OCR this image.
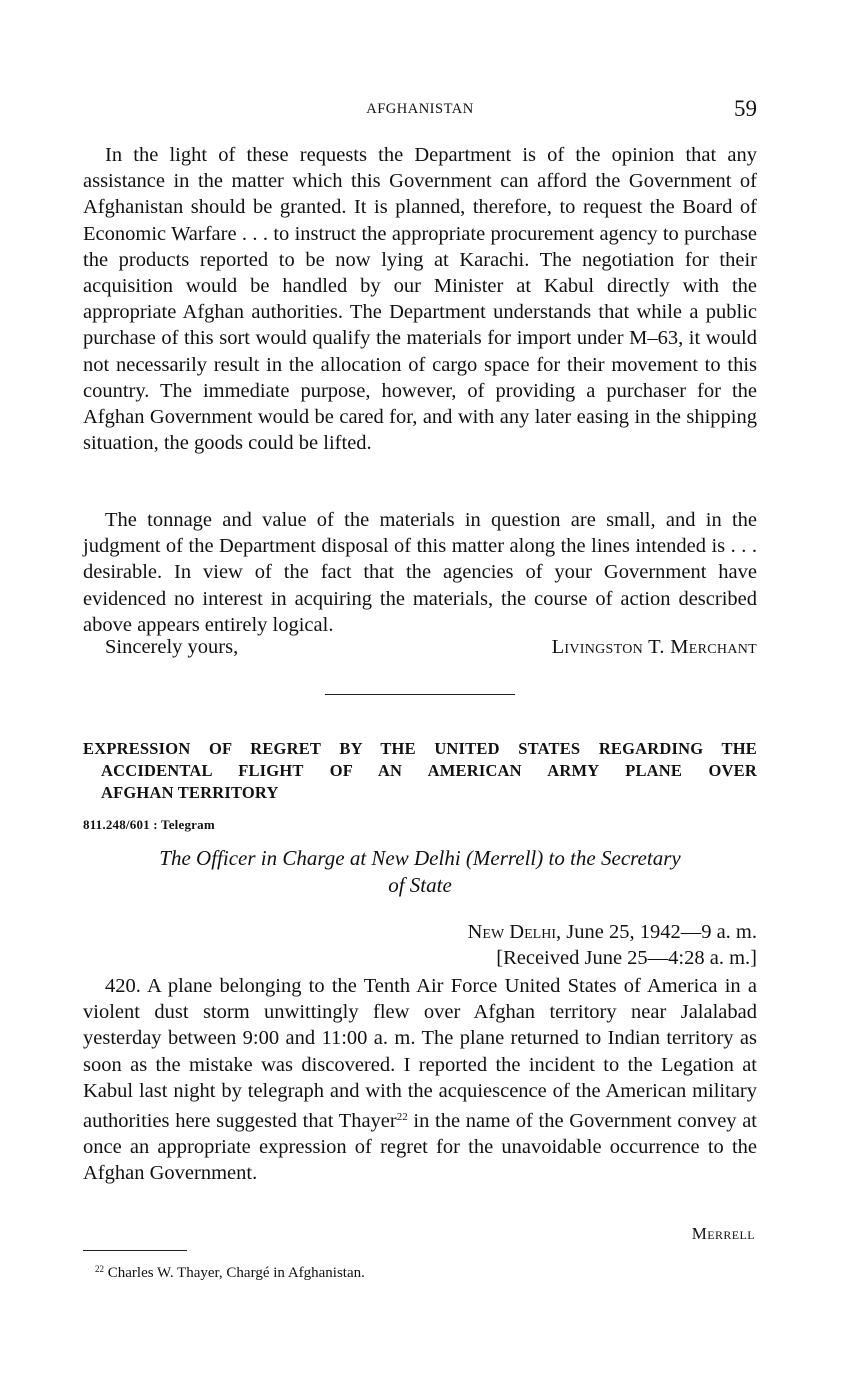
AFGHANISTAN	59

In the light of these requests the Department is of the opinion that any assistance in the matter which this Government can afford the Government of Afghanistan should be granted. It is planned, therefore, to request the Board of Economic Warfare . . . to instruct the appropriate procurement agency to purchase the products reported to be now lying at Karachi. The negotiation for their acquisition would be handled by our Minister at Kabul directly with the appropriate Afghan authorities. The Department understands that while a public purchase of this sort would qualify the materials for import under M–63, it would not necessarily result in the allocation of cargo space for their movement to this country. The immediate purpose, however, of providing a purchaser for the Afghan Government would be cared for, and with any later easing in the shipping situation, the goods could be lifted.

The tonnage and value of the materials in question are small, and in the judgment of the Department disposal of this matter along the lines intended is . . . desirable. In view of the fact that the agencies of your Government have evidenced no interest in acquiring the materials, the course of action described above appears entirely logical.

Sincerely yours,	Livingston T. Merchant
EXPRESSION OF REGRET BY THE UNITED STATES REGARDING THE
ACCIDENTAL FLIGHT OF AN AMERICAN ARMY PLANE OVER
AFGHAN TERRITORY
811.248/601 : Telegram
The Officer in Charge at New Delhi (Merrell) to the Secretary
of State
New Delhi, June 25, 1942—9 a. m.
[Received June 25—4:28 a. m.]

420. A plane belonging to the Tenth Air Force United States of America in a violent dust storm unwittingly flew over Afghan territory near Jalalabad yesterday between 9:00 and 11:00 a. m. The plane returned to Indian territory as soon as the mistake was discovered. I reported the incident to the Legation at Kabul last night by telegraph and with the acquiescence of the American military authorities here suggested that Thayer$^{22}$ in the name of the Government convey at once an appropriate expression of regret for the unavoidable occurrence to the Afghan Government.

Merrell
$^{22}$ Charles W. Thayer, Chargé in Afghanistan.
